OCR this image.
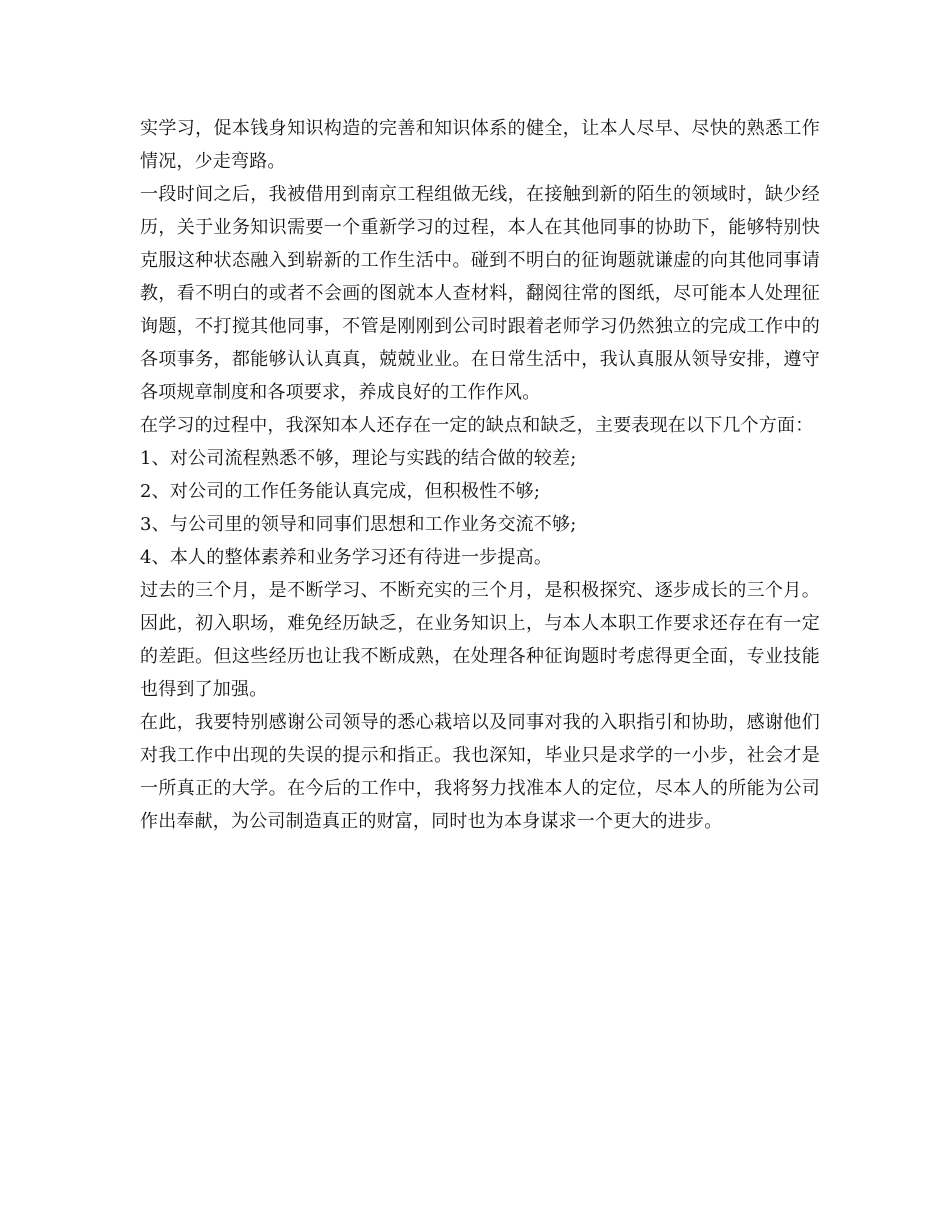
实学习，促本钱身知识构造的完善和知识体系的健全，让本人尽早、尽快的熟悉工作情况，少走弯路。

一段时间之后，我被借用到南京工程组做无线，在接触到新的陌生的领域时，缺少经历，关于业务知识需要一个重新学习的过程，本人在其他同事的协助下，能够特别快克服这种状态融入到崭新的工作生活中。碰到不明白的征询题就谦虚的向其他同事请教，看不明白的或者不会画的图就本人查材料，翻阅往常的图纸，尽可能本人处理征询题，不打搅其他同事，不管是刚刚到公司时跟着老师学习仍然独立的完成工作中的各项事务，都能够认认真真，兢兢业业。在日常生活中，我认真服从领导安排，遵守各项规章制度和各项要求，养成良好的工作作风。

在学习的过程中，我深知本人还存在一定的缺点和缺乏，主要表现在以下几个方面：

1、对公司流程熟悉不够，理论与实践的结合做的较差;

2、对公司的工作任务能认真完成，但积极性不够;

3、与公司里的领导和同事们思想和工作业务交流不够;

4、本人的整体素养和业务学习还有待进一步提高。

过去的三个月，是不断学习、不断充实的三个月，是积极探究、逐步成长的三个月。因此，初入职场，难免经历缺乏，在业务知识上，与本人本职工作要求还存在有一定的差距。但这些经历也让我不断成熟，在处理各种征询题时考虑得更全面，专业技能也得到了加强。

在此，我要特别感谢公司领导的悉心栽培以及同事对我的入职指引和协助，感谢他们对我工作中出现的失误的提示和指正。我也深知，毕业只是求学的一小步，社会才是一所真正的大学。在今后的工作中，我将努力找准本人的定位，尽本人的所能为公司作出奉献，为公司制造真正的财富，同时也为本身谋求一个更大的进步。
